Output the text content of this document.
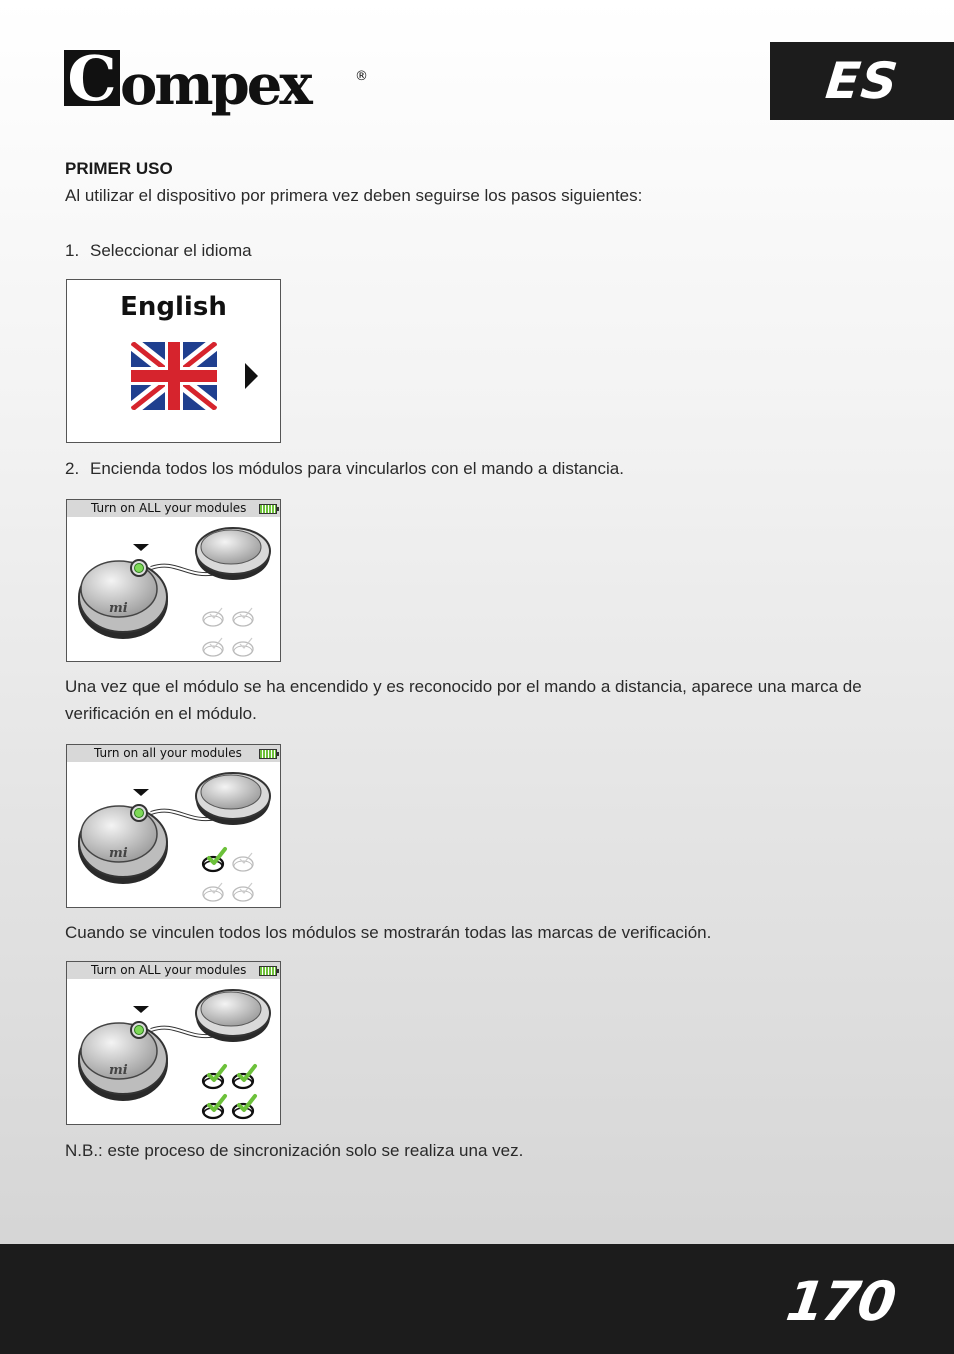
C ompex	®	ES
PRIMER USO
Al utilizar el dispositivo por primera vez deben seguirse los pasos siguientes:
1. Seleccionar el idioma
English
2. Encienda todos los módulos para vincularlos con el mando a distancia.
Turn on ALL your modules
mi
Una vez que el módulo se ha encendido y es reconocido por el mando a distancia, aparece una marca de
verificación en el módulo.
Turn on all your modules
mi
Cuando se vinculen todos los módulos se mostrarán todas las marcas de verificación.
Turn on ALL your modules
mi
N.B.: este proceso de sincronización solo se realiza una vez.
170
